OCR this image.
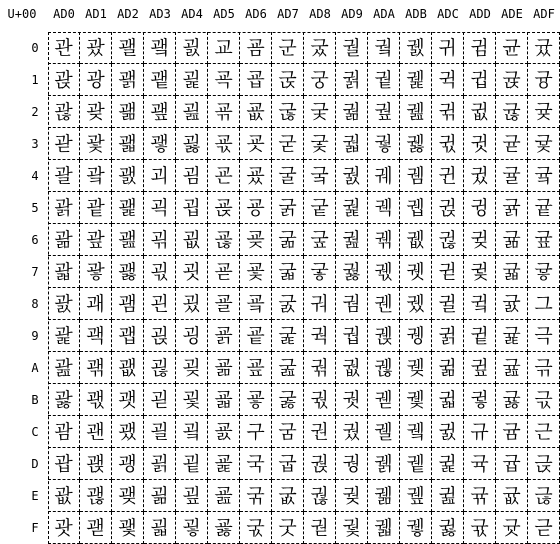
U+00	AD0 AD1 AD2 AD3 AD4 AD5 AD6 AD7 AD8 AD9 ADA ADB ADC ADD ADE ADF
0
1
2
3
4
5
6
7
8
9
A
B
C
D
E
F
관
괁
괂
괃
괄
괅
괆
괇
괈
괉
괊
괋
괌
괍
괎
괏
괐
광
괒
괓
괔
괕
괖
괗
괘
괙
괚
괛
괜
괝
괞
괟
괠
괡
괢
괣
괤
괥
괦
괧
괨
괩
괪
괫
괬
괭
괮
괯
괰
괱
괲
괳
괴
괵
괶
괷
괸
괹
괺
괻
괼
괽
괾
괿
굀
굁
굂
굃
굄
굅
굆
굇
굈
굉
굊
굋
굌
굍
굎
굏
교
굑
굒
굓
굔
굕
굖
굗
굘
굙
굚
굛
굜
굝
굞
굟
굠
굡
굢
굣
굤
굥
굦
굧
굨
굩
굪
굫
구
국
굮
굯
군
굱
굲
굳
굴
굵
굶
굷
굸
굹
굺
굻
굼
굽
굾
굿
궀
궁
궂
궃
궄
궅
궆
궇
궈
궉
궊
궋
권
궍
궎
궏
궐
궑
궒
궓
궔
궕
궖
궗
궘
궙
궚
궛
궜
궝
궞
궟
궠
궡
궢
궣
궤
궥
궦
궧
궨
궩
궪
궫
궬
궭
궮
궯
궰
궱
궲
궳
궴
궵
궶
궷
궸
궹
궺
궻
궼
궽
궾
궿
귀
귁
귂
귃
귄
귅
귆
귇
귈
귉
귊
귋
귌
귍
귎
귏
귐
귑
귒
귓
귔
귕
귖
귗
귘
귙
귚
귛
규
귝
귞
귟
균
귡
귢
귣
귤
귥
귦
귧
귨
귩
귪
귫
귬
귭
귮
귯
귰
귱
귲
귳
귴
귵
귶
귷
그
극
귺
귻
근
귽
귾
귿
